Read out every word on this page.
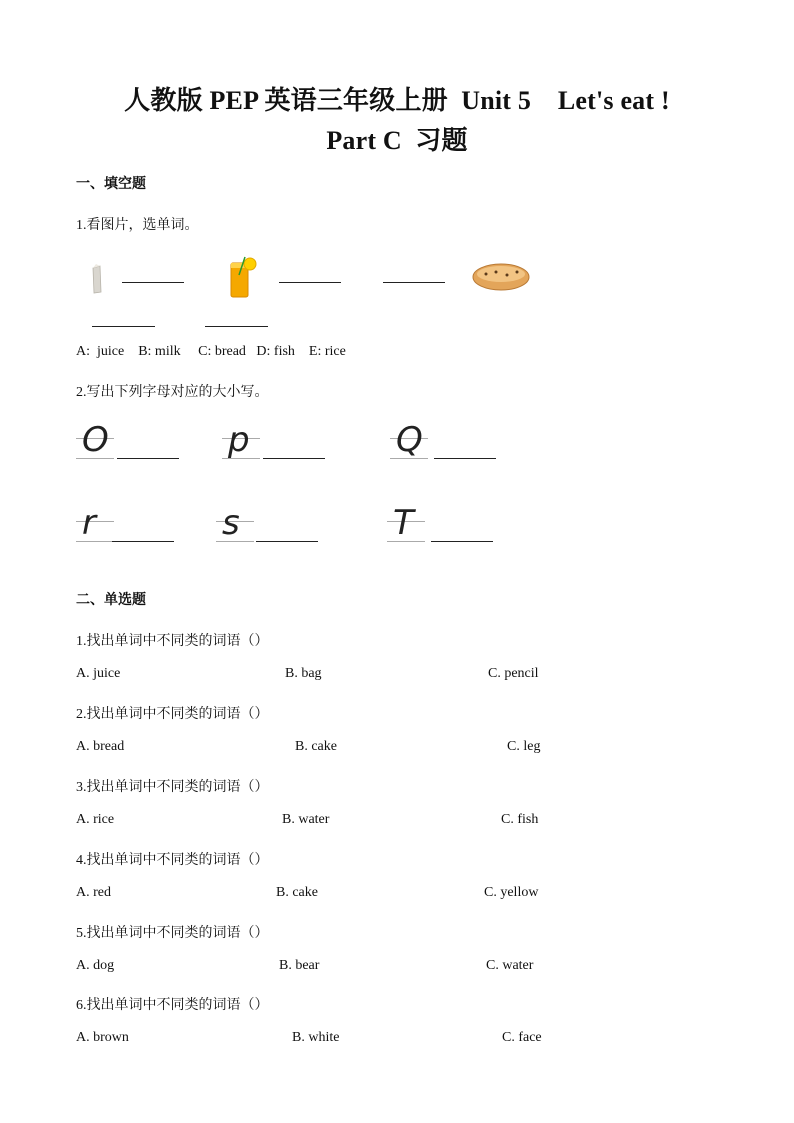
人教版 PEP 英语三年级上册  Unit 5    Let's eat !
Part C  习题
一、填空题
1.看图片，选单词。
A:  juice    B: milk     C: bread   D: fish    E: rice
2.写出下列字母对应的大小写。
O	p	Q
r	s	T
二、单选题
1.找出单词中不同类的词语（）
A. juice	B. bag	C. pencil
2.找出单词中不同类的词语（）
A. bread	B. cake	C. leg
3.找出单词中不同类的词语（）
A. rice	B. water	C. fish
4.找出单词中不同类的词语（）
A. red	B. cake	C. yellow
5.找出单词中不同类的词语（）
A. dog	B. bear	C. water
6.找出单词中不同类的词语（）
A. brown	B. white	C. face
